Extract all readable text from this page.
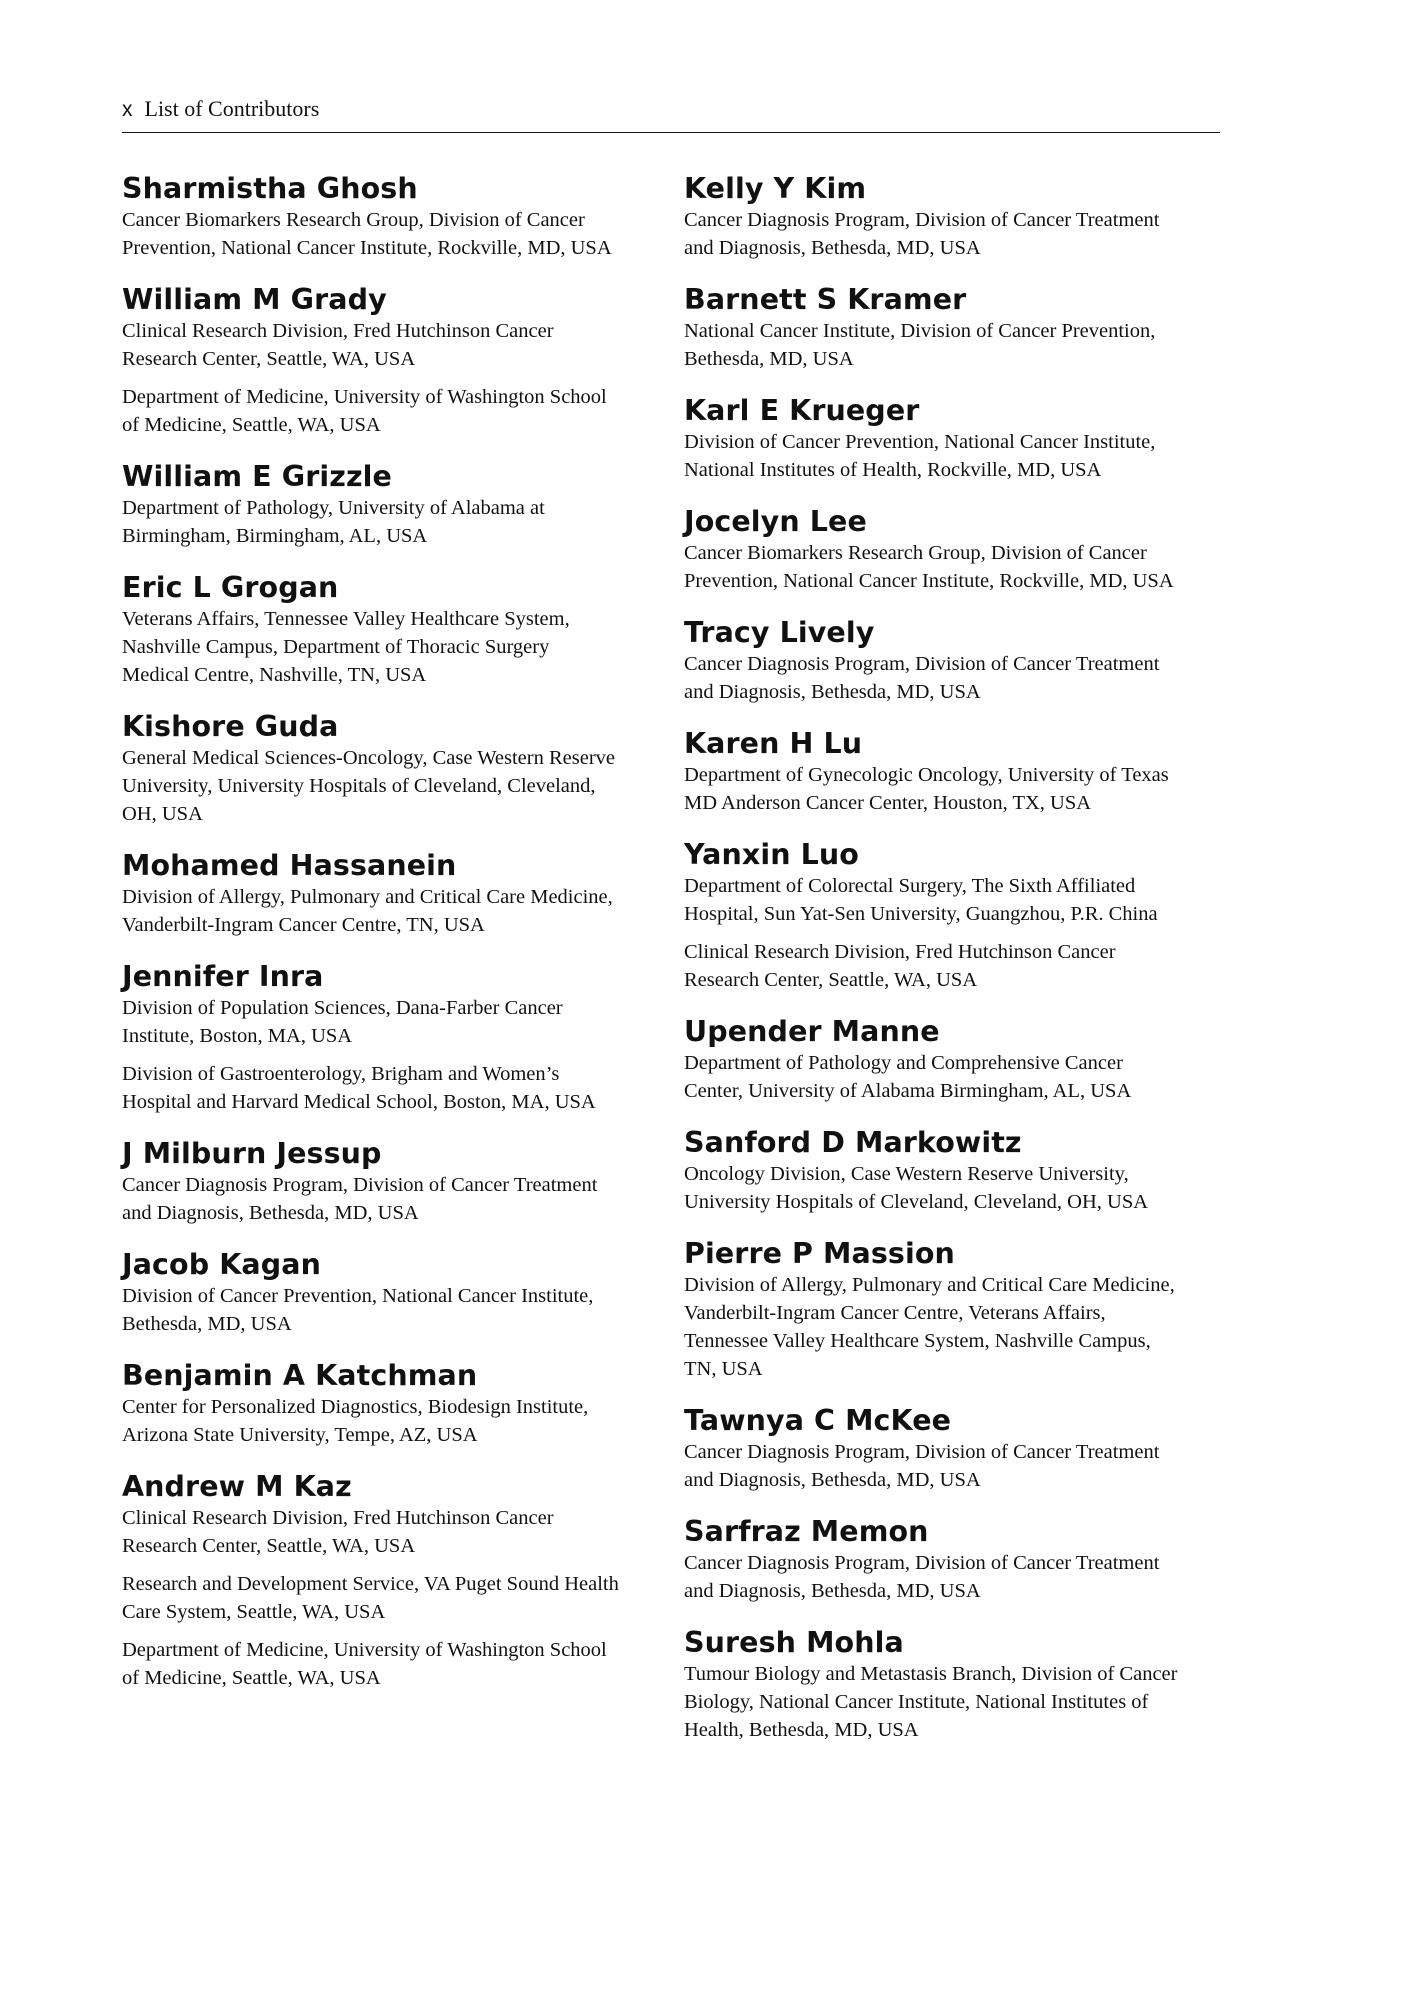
x List of Contributors
Sharmistha Ghosh
Cancer Biomarkers Research Group, Division of Cancer
Prevention, National Cancer Institute, Rockville, MD, USA
William M Grady
Clinical Research Division, Fred Hutchinson Cancer
Research Center, Seattle, WA, USA
Department of Medicine, University of Washington School
of Medicine, Seattle, WA, USA
William E Grizzle
Department of Pathology, University of Alabama at
Birmingham, Birmingham, AL, USA
Eric L Grogan
Veterans Affairs, Tennessee Valley Healthcare System,
Nashville Campus, Department of Thoracic Surgery
Medical Centre, Nashville, TN, USA
Kishore Guda
General Medical Sciences-Oncology, Case Western Reserve
University, University Hospitals of Cleveland, Cleveland,
OH, USA
Mohamed Hassanein
Division of Allergy, Pulmonary and Critical Care Medicine,
Vanderbilt-Ingram Cancer Centre, TN, USA
Jennifer Inra
Division of Population Sciences, Dana-Farber Cancer
Institute, Boston, MA, USA
Division of Gastroenterology, Brigham and Women’s
Hospital and Harvard Medical School, Boston, MA, USA
J Milburn Jessup
Cancer Diagnosis Program, Division of Cancer Treatment
and Diagnosis, Bethesda, MD, USA
Jacob Kagan
Division of Cancer Prevention, National Cancer Institute,
Bethesda, MD, USA
Benjamin A Katchman
Center for Personalized Diagnostics, Biodesign Institute,
Arizona State University, Tempe, AZ, USA
Andrew M Kaz
Clinical Research Division, Fred Hutchinson Cancer
Research Center, Seattle, WA, USA
Research and Development Service, VA Puget Sound Health
Care System, Seattle, WA, USA
Department of Medicine, University of Washington School
of Medicine, Seattle, WA, USA
Kelly Y Kim
Cancer Diagnosis Program, Division of Cancer Treatment
and Diagnosis, Bethesda, MD, USA
Barnett S Kramer
National Cancer Institute, Division of Cancer Prevention,
Bethesda, MD, USA
Karl E Krueger
Division of Cancer Prevention, National Cancer Institute,
National Institutes of Health, Rockville, MD, USA
Jocelyn Lee
Cancer Biomarkers Research Group, Division of Cancer
Prevention, National Cancer Institute, Rockville, MD, USA
Tracy Lively
Cancer Diagnosis Program, Division of Cancer Treatment
and Diagnosis, Bethesda, MD, USA
Karen H Lu
Department of Gynecologic Oncology, University of Texas
MD Anderson Cancer Center, Houston, TX, USA
Yanxin Luo
Department of Colorectal Surgery, The Sixth Affiliated
Hospital, Sun Yat-Sen University, Guangzhou, P.R. China
Clinical Research Division, Fred Hutchinson Cancer
Research Center, Seattle, WA, USA
Upender Manne
Department of Pathology and Comprehensive Cancer
Center, University of Alabama Birmingham, AL, USA
Sanford D Markowitz
Oncology Division, Case Western Reserve University,
University Hospitals of Cleveland, Cleveland, OH, USA
Pierre P Massion
Division of Allergy, Pulmonary and Critical Care Medicine,
Vanderbilt-Ingram Cancer Centre, Veterans Affairs,
Tennessee Valley Healthcare System, Nashville Campus,
TN, USA
Tawnya C McKee
Cancer Diagnosis Program, Division of Cancer Treatment
and Diagnosis, Bethesda, MD, USA
Sarfraz Memon
Cancer Diagnosis Program, Division of Cancer Treatment
and Diagnosis, Bethesda, MD, USA
Suresh Mohla
Tumour Biology and Metastasis Branch, Division of Cancer
Biology, National Cancer Institute, National Institutes of
Health, Bethesda, MD, USA
